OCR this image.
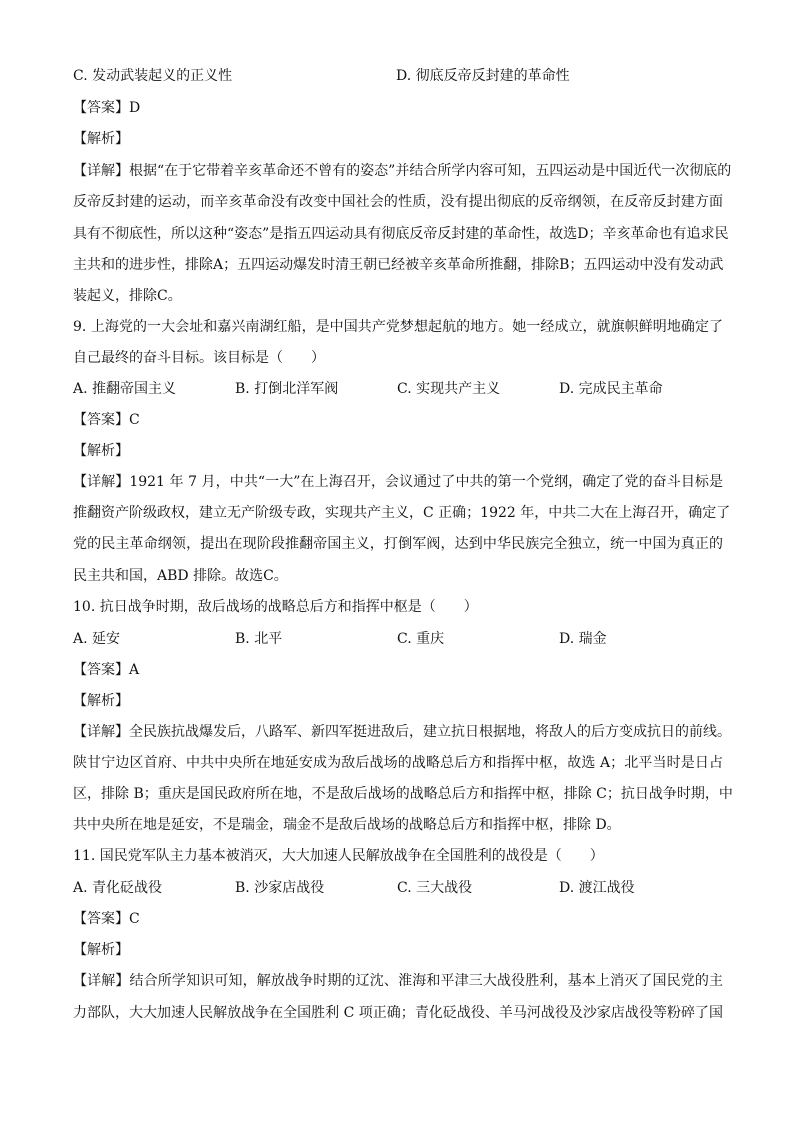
C. 发动武装起义的正义性	D. 彻底反帝反封建的革命性
【答案】D
【解析】
【详解】根据“在于它带着辛亥革命还不曾有的姿态”并结合所学内容可知，五四运动是中国近代一次彻底的
反帝反封建的运动，而辛亥革命没有改变中国社会的性质，没有提出彻底的反帝纲领，在反帝反封建方面
具有不彻底性，所以这种“姿态”是指五四运动具有彻底反帝反封建的革命性，故选D；辛亥革命也有追求民
主共和的进步性，排除A；五四运动爆发时清王朝已经被辛亥革命所推翻，排除B；五四运动中没有发动武
装起义，排除C。
9. 上海党的一大会址和嘉兴南湖红船，是中国共产党梦想起航的地方。她一经成立，就旗帜鲜明地确定了
自己最终的奋斗目标。该目标是（　　）
A. 推翻帝国主义	B. 打倒北洋军阀	C. 实现共产主义	D. 完成民主革命
【答案】C
【解析】
【详解】1921 年 7 月，中共“一大”在上海召开，会议通过了中共的第一个党纲，确定了党的奋斗目标是
推翻资产阶级政权，建立无产阶级专政，实现共产主义，C 正确；1922 年，中共二大在上海召开，确定了
党的民主革命纲领，提出在现阶段推翻帝国主义，打倒军阀，达到中华民族完全独立，统一中国为真正的
民主共和国，ABD 排除。故选C。
10. 抗日战争时期，敌后战场的战略总后方和指挥中枢是（　　）
A. 延安	B. 北平	C. 重庆	D. 瑞金
【答案】A
【解析】
【详解】全民族抗战爆发后，八路军、新四军挺进敌后，建立抗日根据地，将敌人的后方变成抗日的前线。
陕甘宁边区首府、中共中央所在地延安成为敌后战场的战略总后方和指挥中枢，故选 A；北平当时是日占
区，排除 B；重庆是国民政府所在地，不是敌后战场的战略总后方和指挥中枢，排除 C；抗日战争时期，中
共中央所在地是延安，不是瑞金，瑞金不是敌后战场的战略总后方和指挥中枢，排除 D。
11. 国民党军队主力基本被消灭，大大加速人民解放战争在全国胜利的战役是（　　）
A. 青化砭战役	B. 沙家店战役	C. 三大战役	D. 渡江战役
【答案】C
【解析】
【详解】结合所学知识可知，解放战争时期的辽沈、淮海和平津三大战役胜利，基本上消灭了国民党的主
力部队，大大加速人民解放战争在全国胜利 C 项正确；青化砭战役、羊马河战役及沙家店战役等粉碎了国
